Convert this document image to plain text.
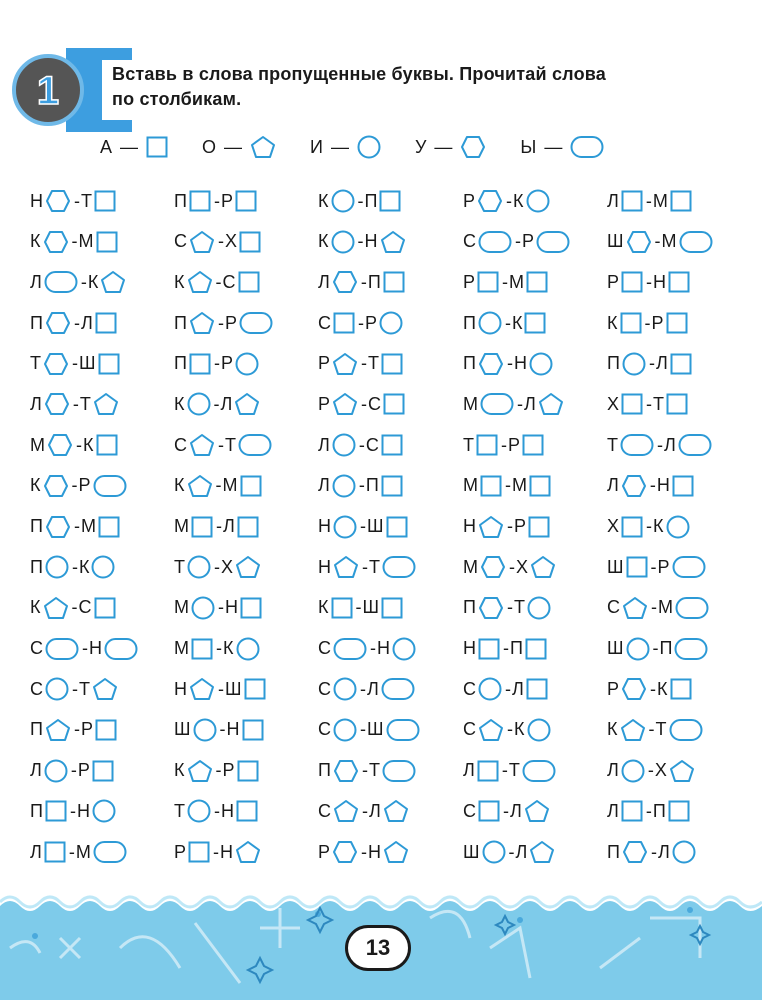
1	Вставь в слова пропущенные буквы. Прочитай слова
по столбикам.
А —	О —	И —	У —	Ы —
Н - Т	П - Р	К - П	Р - К	Л - М
К - М	С - Х	К - Н	С - Р	Ш - М
Л - К	К - С	Л - П	Р - М	Р - Н
П - Л	П - Р	С - Р	П - К	К - Р
Т - Ш	П - Р	Р - Т	П - Н	П - Л
Л - Т	К - Л	Р - С	М - Л	Х - Т
М - К	С - Т	Л - С	Т - Р	Т - Л
К - Р	К - М	Л - П	М - М	Л - Н
П - М	М - Л	Н - Ш	Н - Р	Х - К
П - К	Т - Х	Н - Т	М - Х	Ш - Р
К - С	М - Н	К - Ш	П - Т	С - М
С - Н	М - К	С - Н	Н - П	Ш - П
С - Т	Н - Ш	С - Л	С - Л	Р - К
П - Р	Ш - Н	С - Ш	С - К	К - Т
Л - Р	К - Р	П - Т	Л - Т	Л - Х
П - Н	Т - Н	С - Л	С - Л	Л - П
Л - М	Р - Н	Р - Н	Ш - Л	П - Л
13
